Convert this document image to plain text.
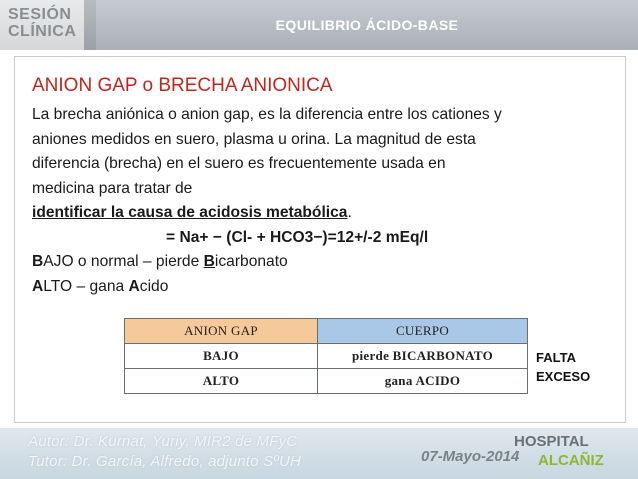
SESIÓN
CLÍNICA	EQUILIBRIO ÁCIDO-BASE
ANION GAP o BRECHA ANIONICA

La brecha aniónica o anion gap, es la diferencia entre los cationes y

aniones medidos en suero, plasma u orina. La magnitud de esta

diferencia (brecha) en el suero es frecuentemente usada en

medicina para tratar de

identificar la causa de acidosis metabólica.

= Na+ − (Cl- + HCO3−)=12+/-2 mEq/l

BAJO o normal – pierde Bicarbonato

ALTO – gana Acido

ANION GAP	CUERPO
BAJO	pierde BICARBONATO
ALTO	gana ACIDO
FALTA
EXCESO
Autor: Dr. Kurnat, Yuriy, MIR2 de MFyC
Tutor: Dr. García, Alfredo, adjunto SºUH	07-Mayo-2014
HOSPITAL
ALCAÑIZ
